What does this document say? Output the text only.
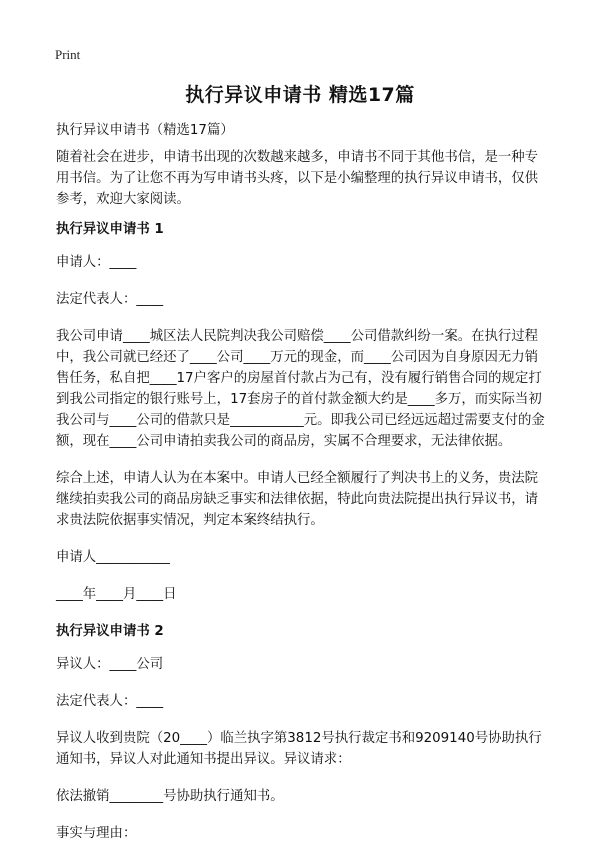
Print
执行异议申请书 精选17篇

执行异议申请书（精选17篇）

随着社会在进步，申请书出现的次数越来越多，申请书不同于其他书信，是一种专用书信。为了让您不再为写申请书头疼，以下是小编整理的执行异议申请书，仅供参考，欢迎大家阅读。

执行异议申请书 1

申请人：____

法定代表人：____

我公司申请____城区法人民院判决我公司赔偿____公司借款纠纷一案。在执行过程中，我公司就已经还了____公司____万元的现金，而____公司因为自身原因无力销售任务，私自把____17户客户的房屋首付款占为己有，没有履行销售合同的规定打到我公司指定的银行账号上，17套房子的首付款金额大约是____多万，而实际当初我公司与____公司的借款只是___________元。即我公司已经远远超过需要支付的金额，现在____公司申请拍卖我公司的商品房，实属不合理要求，无法律依据。

综合上述，申请人认为在本案中。申请人已经全额履行了判决书上的义务，贵法院继续拍卖我公司的商品房缺乏事实和法律依据，特此向贵法院提出执行异议书，请求贵法院依据事实情况，判定本案终结执行。

申请人___________

____年____月____日

执行异议申请书 2

异议人：____公司

法定代表人：____

异议人收到贵院（20____）临兰执字第3812号执行裁定书和9209140号协助执行通知书，异议人对此通知书提出异议。异议请求：

依法撤销________号协助执行通知书。

事实与理由：
